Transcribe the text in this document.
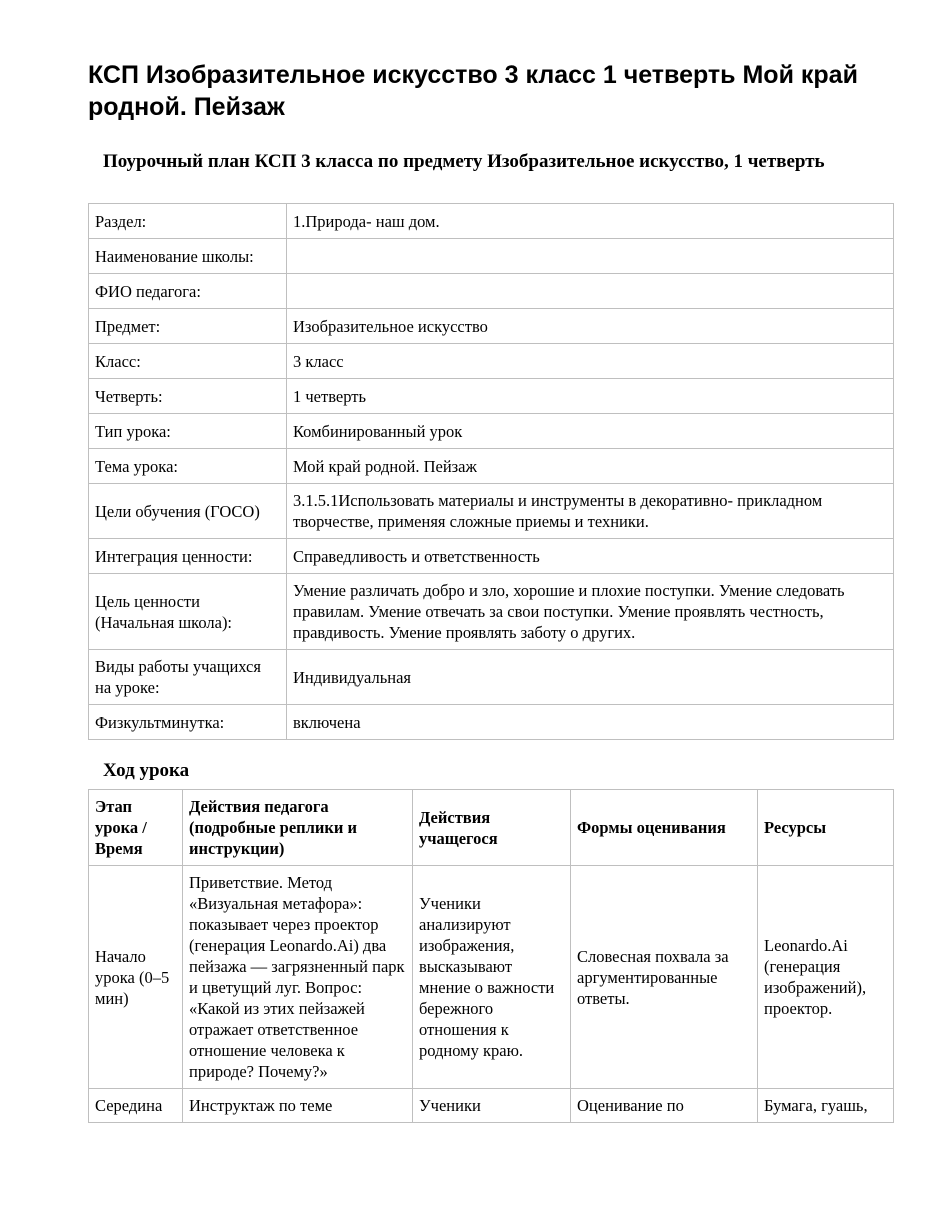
КСП Изобразительное искусство 3 класс 1 четверть Мой край родной. Пейзаж
Поурочный план КСП 3 класса по предмету Изобразительное искусство, 1 четверть
Раздел:	1.Природа- наш дом.
Наименование школы:	
ФИО педагога:	
Предмет:	Изобразительное искусство
Класс:	3 класс
Четверть:	1 четверть
Тип урока:	Комбинированный урок
Тема урока:	Мой край родной. Пейзаж
Цели обучения (ГОСО)	3.1.5.1Использовать материалы и инструменты в декоративно- прикладном творчестве, применяя сложные приемы и техники.
Интеграция ценности:	Справедливость и ответственность
Цель ценности (Начальная школа):	Умение различать добро и зло, хорошие и плохие поступки. Умение следовать правилам. Умение отвечать за свои поступки. Умение проявлять честность, правдивость. Умение проявлять заботу о других.
Виды работы учащихся на уроке:	Индивидуальная
Физкультминутка:	включена
Ход урока
Этап урока / Время	Действия педагога (подробные реплики и инструкции)	Действия учащегося	Формы оценивания	Ресурсы
Начало урока (0–5 мин)	Приветствие. Метод «Визуальная метафора»: показывает через проектор (генерация Leonardo.Ai) два пейзажа — загрязненный парк и цветущий луг. Вопрос: «Какой из этих пейзажей отражает ответственное отношение человека к природе? Почему?»	Ученики анализируют изображения, высказывают мнение о важности бережного отношения к родному краю.	Словесная похвала за аргументированные ответы.	Leonardo.Ai (генерация изображений), проектор.
Середина	Инструктаж по теме	Ученики	Оценивание по	Бумага, гуашь,
